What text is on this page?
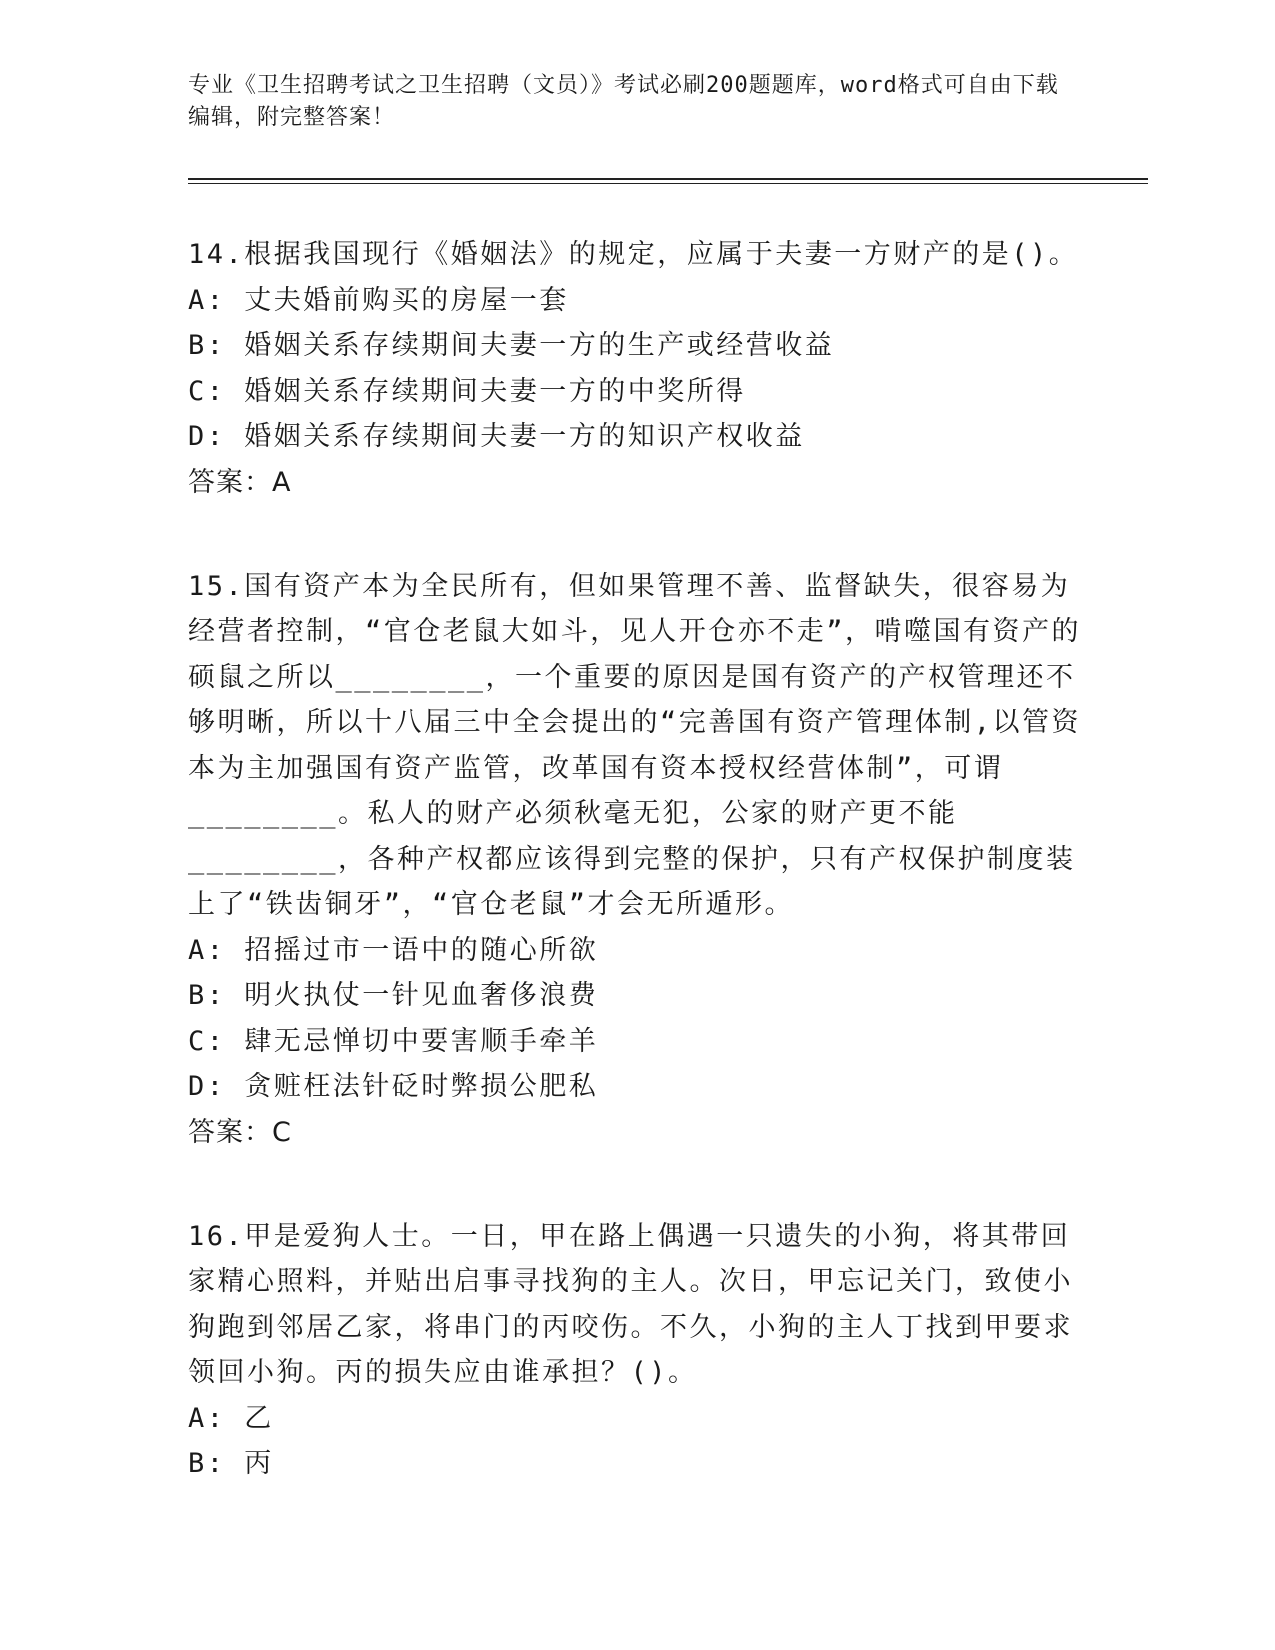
专业《卫生招聘考试之卫生招聘（文员）》考试必刷200题题库，word格式可自由下载编辑，附完整答案！

14.根据我国现行《婚姻法》的规定，应属于夫妻一方财产的是()。

A: 丈夫婚前购买的房屋一套

B: 婚姻关系存续期间夫妻一方的生产或经营收益

C: 婚姻关系存续期间夫妻一方的中奖所得

D: 婚姻关系存续期间夫妻一方的知识产权收益

答案：A

15.国有资产本为全民所有，但如果管理不善、监督缺失，很容易为经营者控制，“官仓老鼠大如斗，见人开仓亦不走”，啃噬国有资产的硕鼠之所以________，一个重要的原因是国有资产的产权管理还不够明晰，所以十八届三中全会提出的“完善国有资产管理体制,以管资本为主加强国有资产监管，改革国有资本授权经营体制”，可谓________。私人的财产必须秋毫无犯，公家的财产更不能________，各种产权都应该得到完整的保护，只有产权保护制度装上了“铁齿铜牙”，“官仓老鼠”才会无所遁形。

A: 招摇过市一语中的随心所欲

B: 明火执仗一针见血奢侈浪费

C: 肆无忌惮切中要害顺手牵羊

D: 贪赃枉法针砭时弊损公肥私

答案：C

16.甲是爱狗人士。一日，甲在路上偶遇一只遗失的小狗，将其带回家精心照料，并贴出启事寻找狗的主人。次日，甲忘记关门，致使小狗跑到邻居乙家，将串门的丙咬伤。不久，小狗的主人丁找到甲要求领回小狗。丙的损失应由谁承担？()。

A: 乙

B: 丙
